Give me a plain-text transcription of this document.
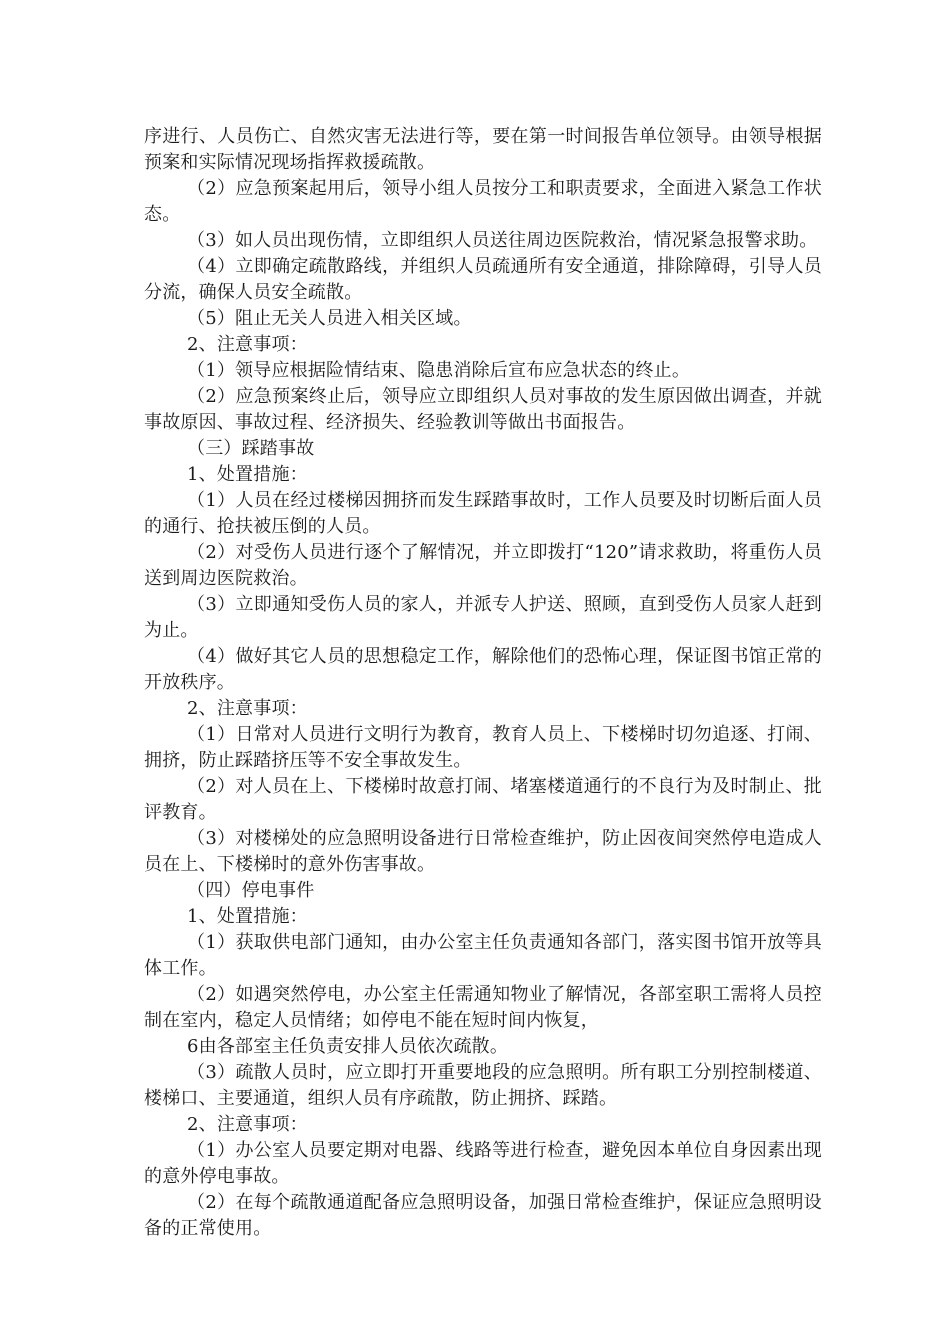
序进行、人员伤亡、自然灾害无法进行等，要在第一时间报告单位领导。由领导根据预案和实际情况现场指挥救援疏散。

（2）应急预案起用后，领导小组人员按分工和职责要求，全面进入紧急工作状态。

（3）如人员出现伤情，立即组织人员送往周边医院救治，情况紧急报警求助。

（4）立即确定疏散路线，并组织人员疏通所有安全通道，排除障碍，引导人员分流，确保人员安全疏散。

（5）阻止无关人员进入相关区域。

2、注意事项：

（1）领导应根据险情结束、隐患消除后宣布应急状态的终止。

（2）应急预案终止后，领导应立即组织人员对事故的发生原因做出调查，并就事故原因、事故过程、经济损失、经验教训等做出书面报告。

（三）踩踏事故

1、处置措施：

（1）人员在经过楼梯因拥挤而发生踩踏事故时，工作人员要及时切断后面人员的通行、抢扶被压倒的人员。

（2）对受伤人员进行逐个了解情况，并立即拨打“120”请求救助，将重伤人员送到周边医院救治。

（3）立即通知受伤人员的家人，并派专人护送、照顾，直到受伤人员家人赶到为止。

（4）做好其它人员的思想稳定工作，解除他们的恐怖心理，保证图书馆正常的开放秩序。

2、注意事项：

（1）日常对人员进行文明行为教育，教育人员上、下楼梯时切勿追逐、打闹、拥挤，防止踩踏挤压等不安全事故发生。

（2）对人员在上、下楼梯时故意打闹、堵塞楼道通行的不良行为及时制止、批评教育。

（3）对楼梯处的应急照明设备进行日常检查维护，防止因夜间突然停电造成人员在上、下楼梯时的意外伤害事故。

（四）停电事件

1、处置措施：

（1）获取供电部门通知，由办公室主任负责通知各部门，落实图书馆开放等具体工作。

（2）如遇突然停电，办公室主任需通知物业了解情况，各部室职工需将人员控制在室内，稳定人员情绪；如停电不能在短时间内恢复，

6由各部室主任负责安排人员依次疏散。

（3）疏散人员时，应立即打开重要地段的应急照明。所有职工分别控制楼道、楼梯口、主要通道，组织人员有序疏散，防止拥挤、踩踏。

2、注意事项：

（1）办公室人员要定期对电器、线路等进行检查，避免因本单位自身因素出现的意外停电事故。

（2）在每个疏散通道配备应急照明设备，加强日常检查维护，保证应急照明设备的正常使用。
